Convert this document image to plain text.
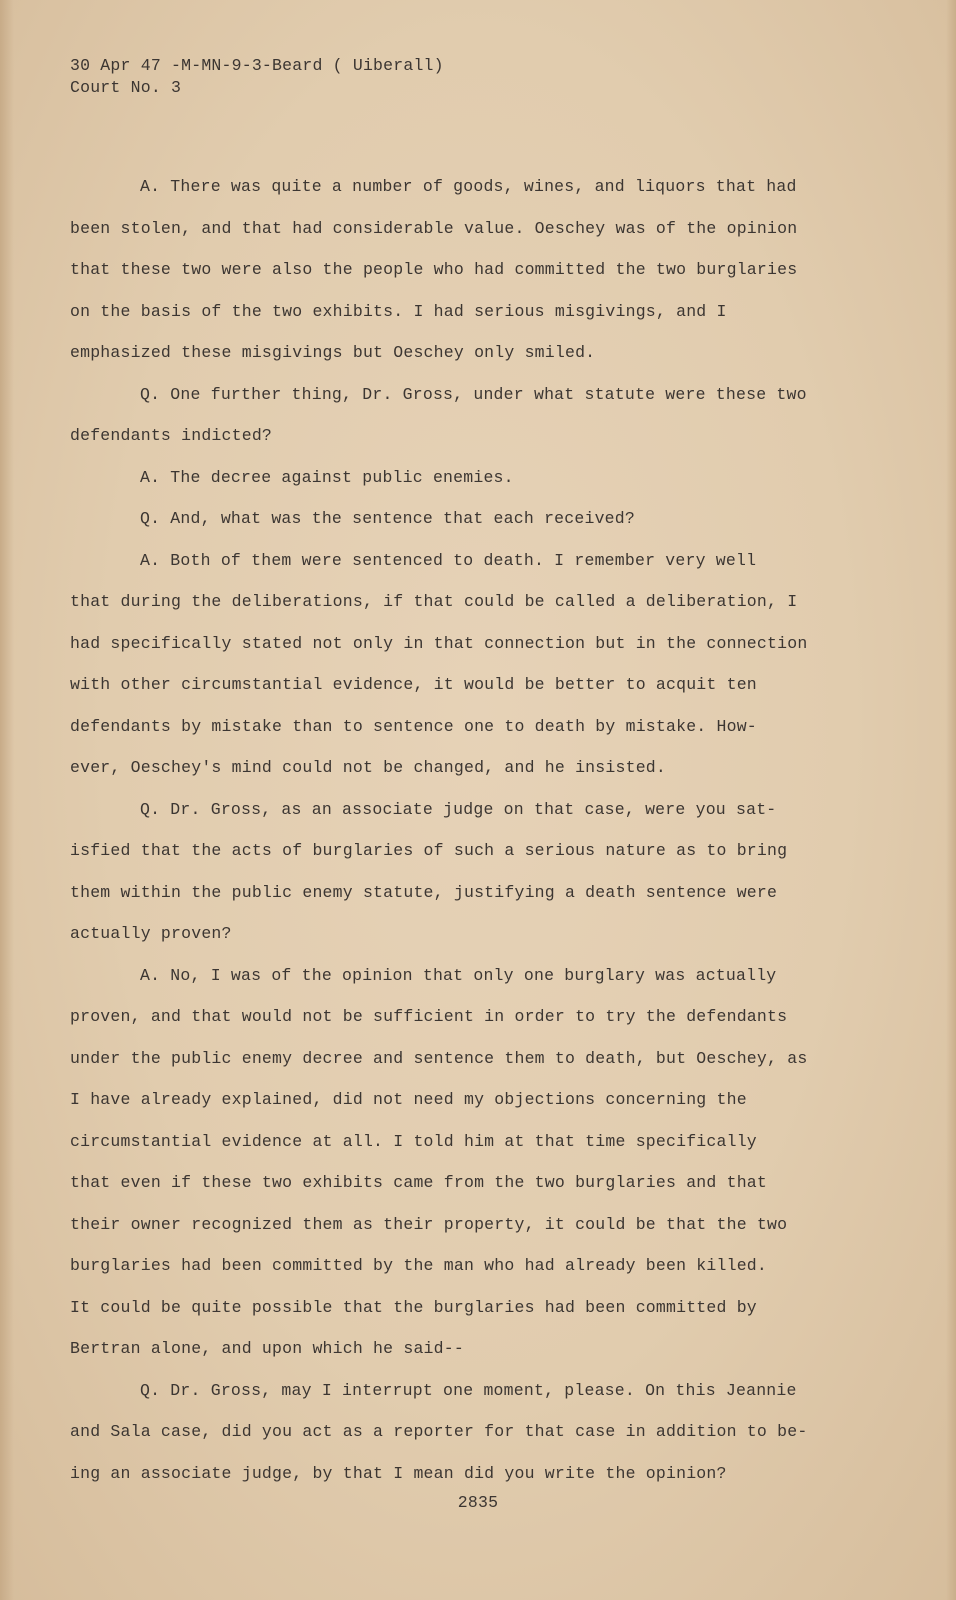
30 Apr 47 -M-MN-9-3-Beard ( Uiberall)
Court No. 3
A. There was quite a number of goods, wines, and liquors that had
been stolen, and that had considerable value. Oeschey was of the opinion
that these two were also the people who had committed the two burglaries
on the basis of the two exhibits. I had serious misgivings, and I
emphasized these misgivings but Oeschey only smiled.
Q. One further thing, Dr. Gross, under what statute were these two
defendants indicted?
A. The decree against public enemies.
Q. And, what was the sentence that each received?
A. Both of them were sentenced to death. I remember very well
that during the deliberations, if that could be called a deliberation, I
had specifically stated not only in that connection but in the connection
with other circumstantial evidence, it would be better to acquit ten
defendants by mistake than to sentence one to death by mistake. How-
ever, Oeschey's mind could not be changed, and he insisted.
Q. Dr. Gross, as an associate judge on that case, were you sat-
isfied that the acts of burglaries of such a serious nature as to bring
them within the public enemy statute, justifying a death sentence were
actually proven?
A. No, I was of the opinion that only one burglary was actually
proven, and that would not be sufficient in order to try the defendants
under the public enemy decree and sentence them to death, but Oeschey, as
I have already explained, did not need my objections concerning the
circumstantial evidence at all. I told him at that time specifically
that even if these two exhibits came from the two burglaries and that
their owner recognized them as their property, it could be that the two
burglaries had been committed by the man who had already been killed.
It could be quite possible that the burglaries had been committed by
Bertran alone, and upon which he said--
Q. Dr. Gross, may I interrupt one moment, please. On this Jeannie
and Sala case, did you act as a reporter for that case in addition to be-
ing an associate judge, by that I mean did you write the opinion?
2835
